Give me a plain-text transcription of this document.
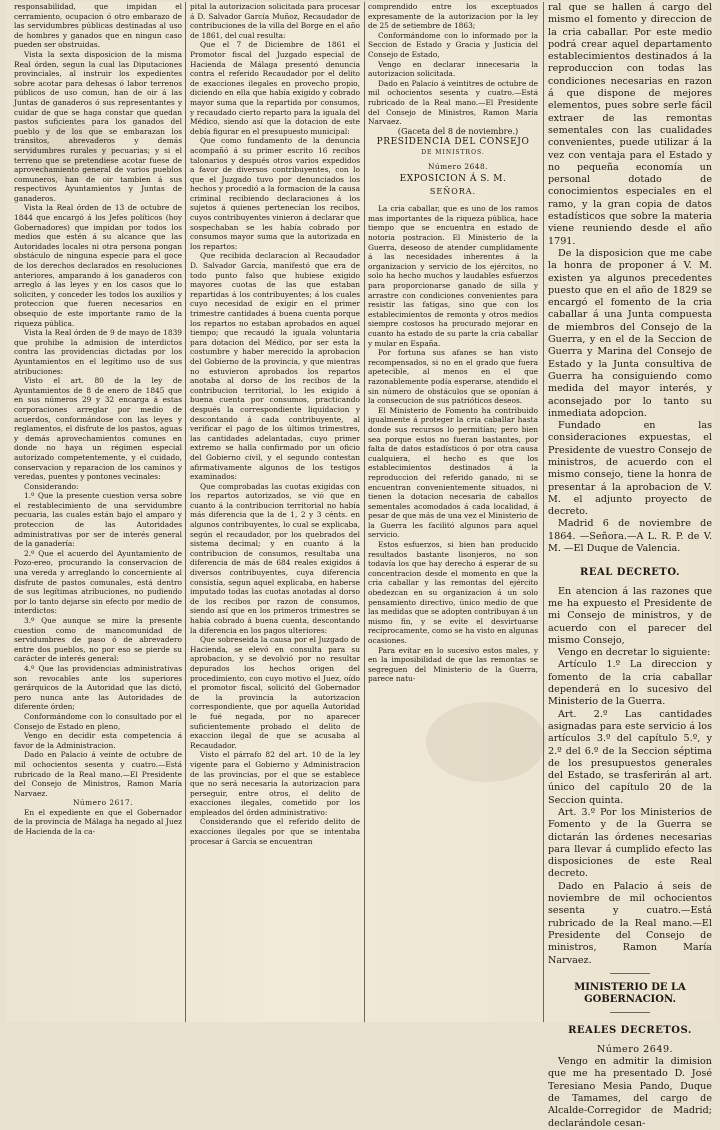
responsabilidad, que impidan el cerramiento, ocupacion ó otro embarazo de las servidumbres públicas destinadas al uso de hombres y ganados que en ningun caso pueden ser obstruidas.

Vista la sexta disposicion de la misma Real órden, segun la cual las Diputaciones provinciales, al instruir los expedientes sobre acotar para dehesas ó labor terrenos públicos de uso comun, han de oir á las Juntas de ganaderos ó sus representantes y cuidar de que se haga constar que quedan pastos suficientes para los ganados del pueblo y de los que se embarazan los tránsitos, abrevaderos y demás servidumbres rurales y pecuarias; y si el terreno que se pretendiese acotar fuese de aprovechamiento general de varios pueblos comuneros, han de oir tambien á sus respectivos Ayuntamientos y Juntas de ganaderos.

Vista la Real órden de 13 de octubre de 1844 que encargó á los Jefes políticos (hoy Gobernadores) que impidan por todos los medios que estén á su alcance que las Autoridades locales ni otra persona pongan obstáculo de ninguna especie para el goce de los derechos declarados en resoluciones anteriores, amparando á los ganaderos con arreglo á las leyes y en los casos que lo soliciten, y conceder les todos los auxilios y proteccion que fueren necesarios en obsequio de este importante ramo de la riqueza pública.

Vista la Real órden de 9 de mayo de 1839 que prohibe la admision de interdictos contra las providencias dictadas por los Ayuntamientos en el legítimo uso de sus atribuciones:

Visto el art. 80 de la ley de Ayuntamientos de 8 de enero de 1845 que en sus números 29 y 32 encarga á estas corporaciones arreglar por medio de acuerdos, conformándose con las leyes y reglamentos, el disfrute de los pastos, aguas y demás aprovechamientos comunes en donde no haya un régimen especial autorizado competentemente, y el cuidado, conservacion y reparacion de los caminos y veredas, puentes y pontones vecinales:

Considerando:

1.º Que la presente cuestion versa sobre el restablecimiento de una servidumbre pecuaria, las cuales están bajo el amparo y proteccion de las Autoridades administrativas por ser de interés general de la ganadería:

2.º Que el acuerdo del Ayuntamiento de Pozo-ereo, procurando la conservacion de una vereda y arreglando lo concerniente al disfrute de pastos comunales, está dentro de sus legítimas atribuciones, no pudiendo por lo tanto dejarse sin efecto por medio de interdictos:

3.º Que aunque se mire la presente cuestion como de mancomunidad de servidumbres de paso ó de abrevadero entre dos pueblos, no por eso se pierde su carácter de interés general:

4.º Que las providencias administrativas son revocables ante los superiores gerárquicos de la Autoridad que las dictó, pero nunca ante las Autoridades de diferente órden;

Conformándome con lo consultado por el Consejo de Estado en pleno,

Vengo en decidir esta competencia á favor de la Administracion.

Dado en Palacio á veinte de octubre de mil ochocientos sesenta y cuatro.—Está rubricado de la Real mano.—El Presidente del Consejo de Ministros, Ramon María Narvaez.

Número 2617.

En el expediente en que el Gobernador de la provincia de Málaga ha negado al Juez de Hacienda de la ca-

pital la autorizacion solicitada para procesar á D. Salvador García Muñoz, Recaudador de contribuciones de la villa del Borge en el año de 1861, del cual resulta:

Que el 7 de Diciembre de 1861 el Promotor fiscal del Juzgado especial de Hacienda de Málaga presentó denuncia contra el referido Recaudador por el delito de exacciones ilegales en provecho propio, diciendo en ella que había exigido y cobrado mayor suma que la repartida por consumos, y recaudado cierto reparto para la iguala del Médico, siendo así que la dotacion de este debía figurar en el presupuesto municipal:

Que como fundamento de la denuncia acompañó á su primer escrito 16 recibos talonarios y después otros varios expedidos a favor de diversos contribuyentes, con lo que el Juzgado tuvo por denunciados los hechos y procedió a la formacion de la causa criminal recibiendo declaraciones á los sujetos á quienes pertenecían los recibos, cuyos contribuyentes vinieron á declarar que sospechaban se les había cobrado por consumos mayor suma que la autorizada en los repartos:

Que recibida declaracion al Recaudador D. Salvador García, manifestó que era de todo punto falso que hubiese exigido mayores cuotas de las que estaban repartidas á los contribuyentes; á los cuales cuyo necesidad de exigir en el primer trimestre cantidades á buena cuenta porque los repartos no estaban aprobados en aquel tiempo; que recaudó la iguala voluntaria para dotacion del Médico, por ser esta la costumbre y haber merecido la aprobacion del Gobierno de la provincia, y que mientras no estuvieron aprobados los repartos anotaba al dorso de los recibos de la contribucion territorial, lo les exigido á buena cuenta por consumos, practicando después la correspondiente liquidacion y descontando á cada contribuyente, al verificar el pago de los últimos trimestres, las cantidades adelantadas, cuyo primer extremo se halla confirmado por un oficio del Gobierno civil, y el segundo contestan afirmativamente algunos de los testigos examinados:

Que comprobadas las cuotas exigidas con los repartos autorizados, se vió que en cuanto á la contribucion territorial no había más diferencia que la de 1, 2 y 3 cénts. en algunos contribuyentes, lo cual se explicaba, según el recaudador, por los quebrados del sistema decimal; y en cuanto á la contribucion de consumos, resultaba una diferencia de más de 684 reales exigidos á diversos contribuyentes, cuya diferencia consistía, segun aquel explicaba, en haberse imputado todas las cuotas anotadas al dorso de los recibos por razon de consumos, siendo así que en los primeros trimestres se había cobrado á buena cuenta, descontando la diferencia en los pagos ulteriores:

Que sobreseida la causa por el Juzgado de Hacienda, se elevó en consulta para su aprobacion, y se devolvió por no resultar depurados los hechos origen del procedimiento, con cuyo motivo el Juez, oído el promotor fiscal, solicitó del Gobernador de la provincia la autorizacion correspondiente, que por aquella Autoridad le fué negada, por no aparecer suficientemente probado el delito de exaccion ilegal de que se acusaba al Recaudador.

Visto el párrafo 82 del art. 10 de la ley vigente para el Gobierno y Administracion de las provincias, por el que se establece que no será necesaria la autorizacion para perseguir, entre otros, el delito de exacciones ilegales, cometido por los empleados del órden administrativo:

Considerando que el referido delito de exacciones ilegales por que se intentaba procesar á García se encuentran

comprendido entre los exceptuados expresamente de la autorizacion por la ley de 25 de setiembre de 1863;

Conformándome con lo informado por la Seccion de Estado y Gracia y Justicia del Consejo de Estado,

Vengo en declarar innecesaria la autorizacion solicitada.

Dado en Palacio á veintitres de octubre de mil ochocientos sesenta y cuatro.—Está rubricado de la Real mano.—El Presidente del Consejo de Ministros, Ramon María Narvaez.

(Gaceta del 8 de noviembre.)

PRESIDENCIA DEL CONSEJO
DE MINISTROS.

Número 2648.

EXPOSICION Á S. M.
SEÑORA.

La cria caballar, que es uno de los ramos mas importantes de la riqueza pública, hace tiempo que se encuentra en estado de notoria postracion. El Ministerio de la Guerra, deseoso de atender cumplidamente á las necesidades inherentes á la organizacion y servicio de los ejércitos, no solo ha hecho muchos y laudables esfuerzos para proporcionarse ganado de silla y arrastre con condiciones convenientes para resistir las fatigas, sino que con los establecimientos de remonta y otros medios siempre costosos ha procurado mejorar en cuanto ha estado de su parte la cria caballar y mular en España.

Por fortuna sus afanes se han visto recompensados, si no en el grado que fuera apetecible, al menos en el que razonablemente podía esperarse, atendido el sin número de obstáculos que se oponían á la consecucion de sus patrióticos deseos.

El Ministerio de Fomento ha contribuido igualmente á proteger la cria caballar hasta donde sus recursos lo permitían; pero bien sea porque estos no fueran bastantes, por falta de datos estadísticos ó por otra causa cualquiera, el hecho es que los establecimientos destinados á la reproduccion del referido ganado, ni se encuentran convenientemente situados, ni tienen la dotacion necesaria de caballos sementales acomodados á cada localidad, á pesar de que más de una vez el Ministerio de la Guerra les facilitó algunos para aquel servicio.

Estos esfuerzos, si bien han producido resultados bastante lisonjeros, no son todavía los que hay derecho á esperar de su concentracion desde el momento en que la cria caballar y las remontas del ejército obedezcan en su organizacion á un solo pensamiento directivo, único medio de que las medidas que se adopten contribuyan á un mismo fin, y se evite el desvirtuarse recíprocamente, como se ha visto en algunas ocasiones.

Para evitar en lo sucesivo estos males, y en la imposibilidad de que las remontas se segreguen del Ministerio de la Guerra, parece natu-

ral que se hallen á cargo del mismo el fomento y direccion de la cria caballar. Por este medio podrá crear aquel departamento establecimientos destinados á la reproduccion con todas las condiciones necesarias en razon á que dispone de mejores elementos, pues sobre serle fácil extraer de las remontas sementales con las cualidades convenientes, puede utilizar á la vez con ventaja para el Estado y no pequeña economía un personal dotado de conocimientos especiales en el ramo, y la gran copia de datos estadísticos que sobre la materia viene reuniendo desde el año 1791.

De la disposicion que me cabe la honra de proponer á V. M. existen ya algunos precedentes puesto que en el año de 1829 se encargó el fomento de la cria caballar á una Junta compuesta de miembros del Consejo de la Guerra, y en el de la Seccion de Guerra y Marina del Consejo de Estado y la Junta consultiva de Guerra ha consiguiendo como medida del mayor interés, y aconsejado por lo tanto su inmediata adopcion.

Fundado en las consideraciones expuestas, el Presidente de vuestro Consejo de ministros, de acuerdo con el mismo consejo, tiene la honra de presentar á la aprobacion de V. M. el adjunto proyecto de decreto.

Madrid 6 de noviembre de 1864. —Señora.—A L. R. P. de V. M. —El Duque de Valencia.

REAL DECRETO.

En atencion á las razones que me ha expuesto el Presidente de mi Consejo de ministros, y de acuerdo con el parecer del mismo Consejo,

Vengo en decretar lo siguiente:

Artículo 1.º La direccion y fomento de la cria caballar dependerá en lo sucesivo del Ministerio de la Guerra.

Art. 2.º Las cantidades asignadas para este servicio á los artículos 3.º del capítulo 5.º, y 2.º del 6.º de la Seccion séptima de los presupuestos generales del Estado, se trasferirán al art. único del capítulo 20 de la Seccion quinta.

Art. 3.º Por los Ministerios de Fomento y de la Guerra se dictarán las órdenes necesarias para llevar á cumplido efecto las disposiciones de este Real decreto.

Dado en Palacio á seis de noviembre de mil ochocientos sesenta y cuatro.—Está rubricado de la Real mano.—El Presidente del Consejo de ministros, Ramon María Narvaez.

MINISTERIO DE LA GOBERNACION.
REALES DECRETOS.

Número 2649.

Vengo en admitir la dimision que me ha presentado D. José Teresiano Mesia Pando, Duque de Tamames, del cargo de Alcalde-Corregidor de Madrid; declarándole cesan-
